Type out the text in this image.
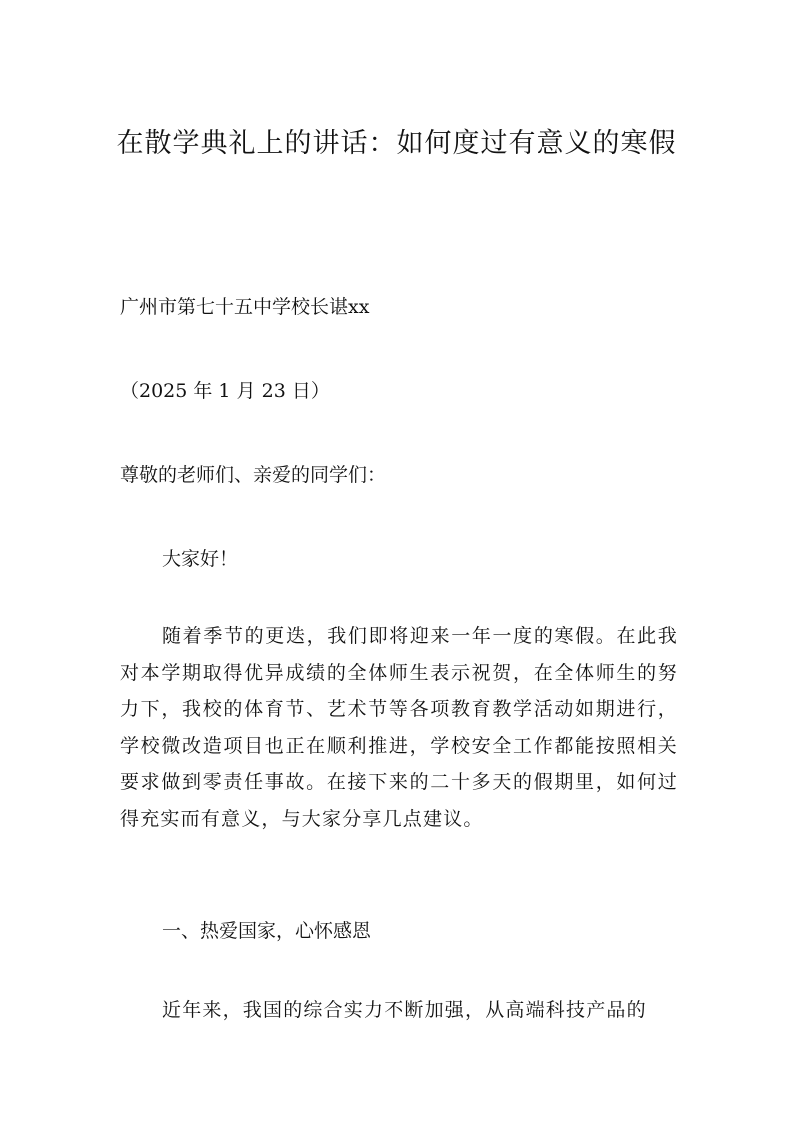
在散学典礼上的讲话：如何度过有意义的寒假

广州市第七十五中学校长谌xx

（2025 年 1 月 23 日）

尊敬的老师们、亲爱的同学们：

大家好！

随着季节的更迭，我们即将迎来一年一度的寒假。在此我对本学期取得优异成绩的全体师生表示祝贺，在全体师生的努力下，我校的体育节、艺术节等各项教育教学活动如期进行，学校微改造项目也正在顺利推进，学校安全工作都能按照相关要求做到零责任事故。在接下来的二十多天的假期里，如何过得充实而有意义，与大家分享几点建议。

一、热爱国家，心怀感恩

近年来，我国的综合实力不断加强，从高端科技产品的
